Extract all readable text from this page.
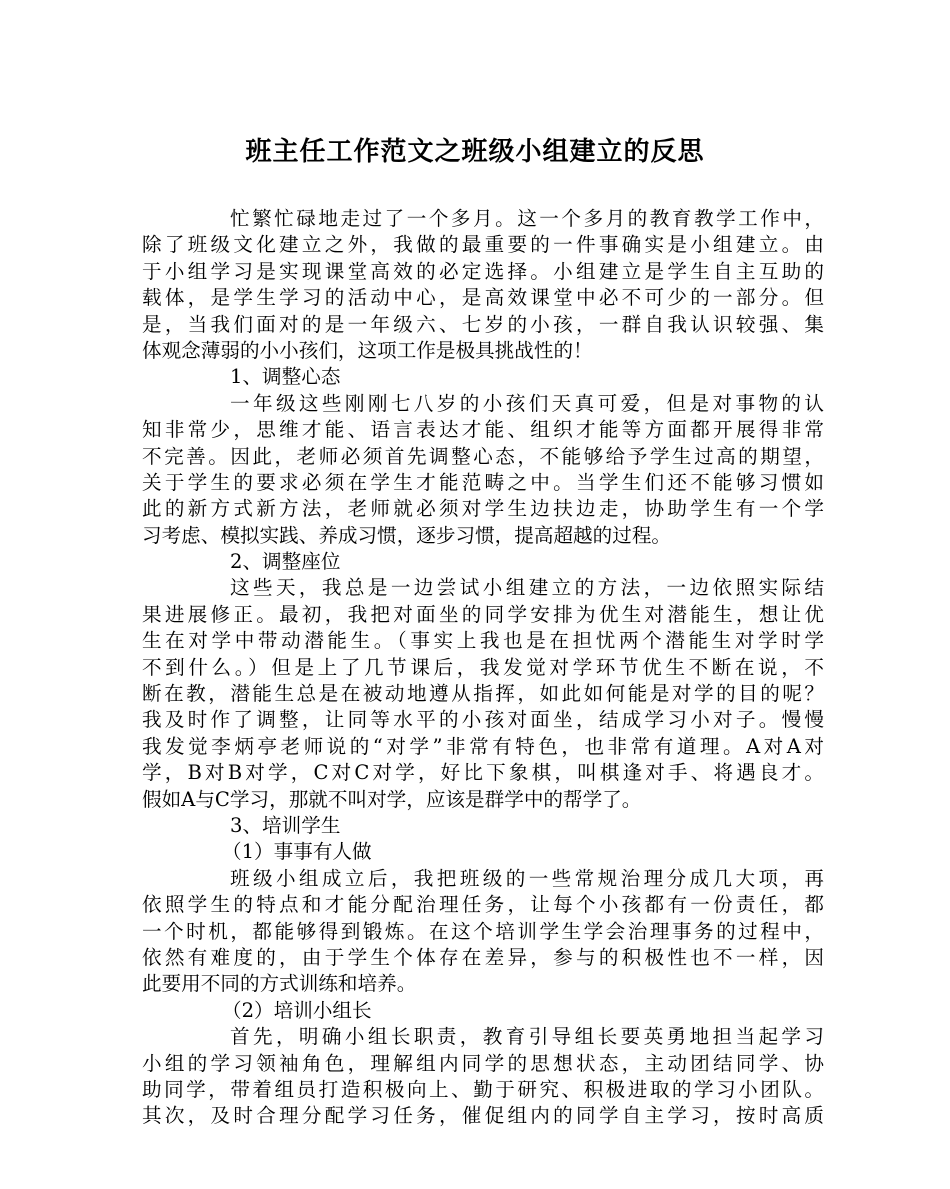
班主任工作范文之班级小组建立的反思
忙繁忙碌地走过了一个多月。这一个多月的教育教学工作中，
除了班级文化建立之外，我做的最重要的一件事确实是小组建立。由
于小组学习是实现课堂高效的必定选择。小组建立是学生自主互助的
载体，是学生学习的活动中心，是高效课堂中必不可少的一部分。但
是，当我们面对的是一年级六、七岁的小孩，一群自我认识较强、集
体观念薄弱的小小孩们，这项工作是极具挑战性的！
1、调整心态
一年级这些刚刚七八岁的小孩们天真可爱，但是对事物的认
知非常少，思维才能、语言表达才能、组织才能等方面都开展得非常
不完善。因此，老师必须首先调整心态，不能够给予学生过高的期望，
关于学生的要求必须在学生才能范畴之中。当学生们还不能够习惯如
此的新方式新方法，老师就必须对学生边扶边走，协助学生有一个学
习考虑、模拟实践、养成习惯，逐步习惯，提高超越的过程。
2、调整座位
这些天，我总是一边尝试小组建立的方法，一边依照实际结
果进展修正。最初，我把对面坐的同学安排为优生对潜能生，想让优
生在对学中带动潜能生。（事实上我也是在担忧两个潜能生对学时学
不到什么。）但是上了几节课后，我发觉对学环节优生不断在说，不
断在教，潜能生总是在被动地遵从指挥，如此如何能是对学的目的呢？
我及时作了调整，让同等水平的小孩对面坐，结成学习小对子。慢慢
我发觉李炳亭老师说的“对学”非常有特色，也非常有道理。A对A对
学，B对B对学，C对C对学，好比下象棋，叫棋逢对手、将遇良才。
假如A与C学习，那就不叫对学，应该是群学中的帮学了。
3、培训学生
（1）事事有人做
班级小组成立后，我把班级的一些常规治理分成几大项，再
依照学生的特点和才能分配治理任务，让每个小孩都有一份责任，都
一个时机，都能够得到锻炼。在这个培训学生学会治理事务的过程中，
依然有难度的，由于学生个体存在差异，参与的积极性也不一样，因
此要用不同的方式训练和培养。
（2）培训小组长
首先，明确小组长职责，教育引导组长要英勇地担当起学习
小组的学习领袖角色，理解组内同学的思想状态，主动团结同学、协
助同学，带着组员打造积极向上、勤于研究、积极进取的学习小团队。
其次，及时合理分配学习任务，催促组内的同学自主学习，按时高质
